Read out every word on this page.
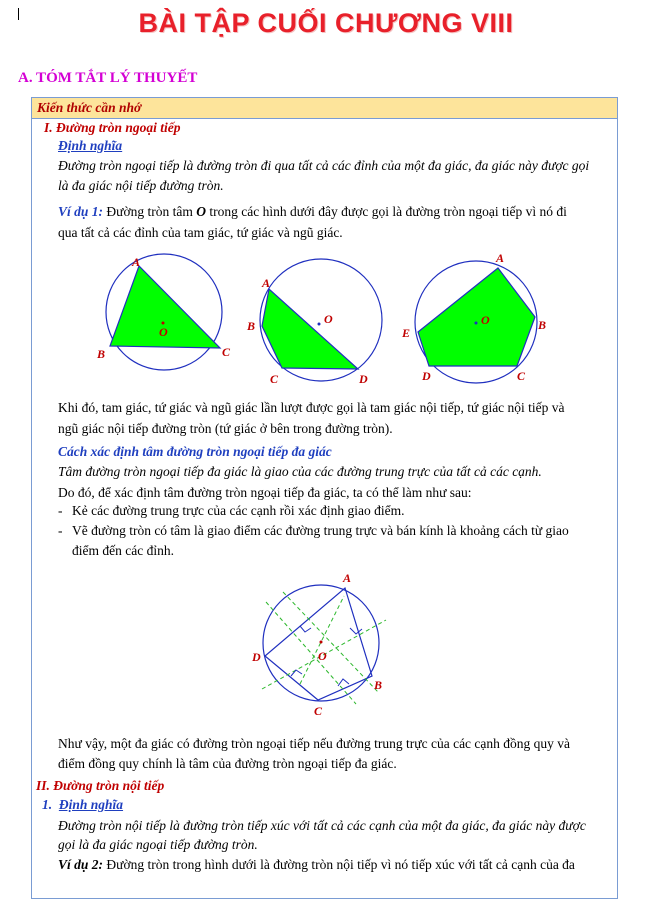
BÀI TẬP CUỐI CHƯƠNG VIII
A. TÓM TẮT LÝ THUYẾT
Kiến thức cần nhớ
I. Đường tròn ngoại tiếp
Định nghĩa
Đường tròn ngoại tiếp là đường tròn đi qua tất cả các đỉnh của một đa giác, đa giác này được gọi
là đa giác nội tiếp đường tròn.
Ví dụ 1: Đường tròn tâm O trong các hình dưới đây được gọi là đường tròn ngoại tiếp vì nó đi
qua tất cả các đỉnh của tam giác, tứ giác và ngũ giác.
A
B	C
O
A
B
C	D
O
A
B
C
D
E
O
Khi đó, tam giác, tứ giác và ngũ giác lần lượt được gọi là tam giác nội tiếp, tứ giác nội tiếp và
ngũ giác nội tiếp đường tròn (tứ giác ở bên trong đường tròn).
Cách xác định tâm đường tròn ngoại tiếp đa giác
Tâm đường tròn ngoại tiếp đa giác là giao của các đường trung trực của tất cả các cạnh.
Do đó, để xác định tâm đường tròn ngoại tiếp đa giác, ta có thể làm như sau:
- Kẻ các đường trung trực của các cạnh rồi xác định giao điểm.
- Vẽ đường tròn có tâm là giao điểm các đường trung trực và bán kính là khoảng cách từ giao
điểm đến các đỉnh.
A
B
C
D	O
Như vậy, một đa giác có đường tròn ngoại tiếp nếu đường trung trực của các cạnh đồng quy và
điểm đồng quy chính là tâm của đường tròn ngoại tiếp đa giác.
II. Đường tròn nội tiếp
1. Định nghĩa
Đường tròn nội tiếp là đường tròn tiếp xúc với tất cả các cạnh của một đa giác, đa giác này được
gọi là đa giác ngoại tiếp đường tròn.
Ví dụ 2: Đường tròn trong hình dưới là đường tròn nội tiếp vì nó tiếp xúc với tất cả cạnh của đa
